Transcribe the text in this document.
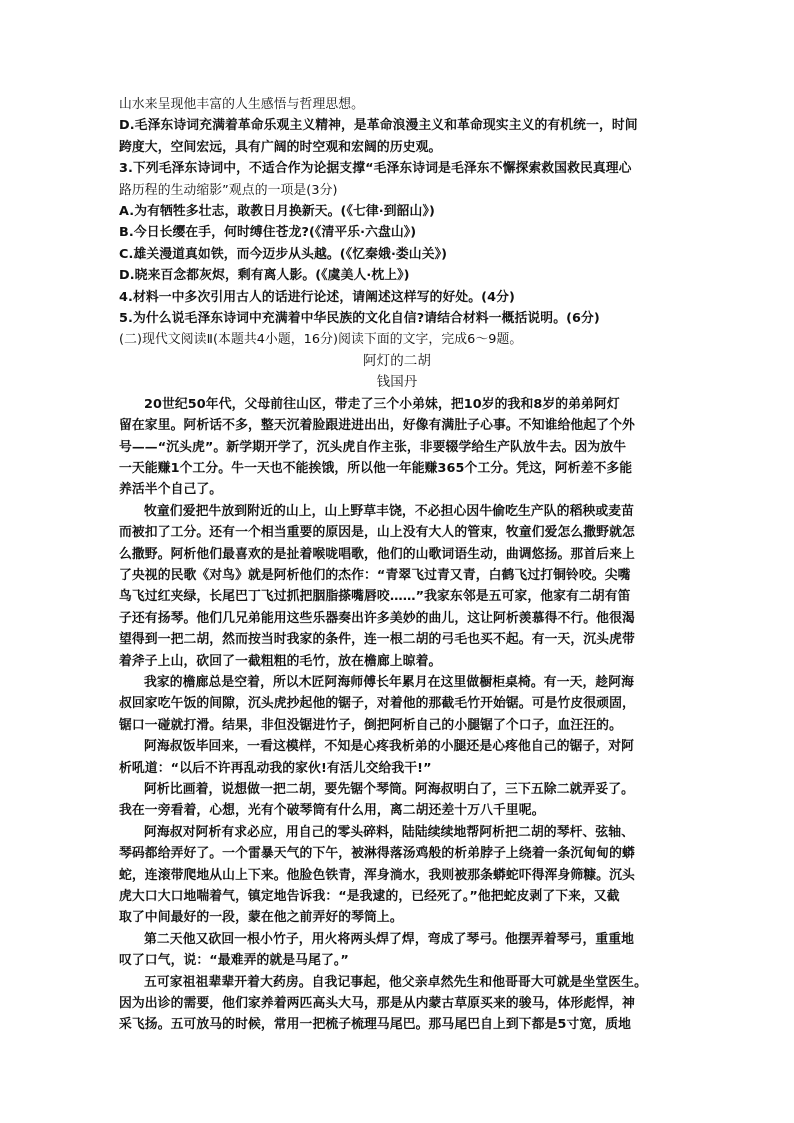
山水来呈现他丰富的人生感悟与哲理思想。
D.毛泽东诗词充满着革命乐观主义精神，是革命浪漫主义和革命现实主义的有机统一，时间
跨度大，空间宏远，具有广阔的时空观和宏阔的历史观。
3.下列毛泽东诗词中，不适合作为论据支撑“毛泽东诗词是毛泽东不懈探索救国救民真理心
路历程的生动缩影”观点的一项是(3分)
A.为有牺牲多壮志，敢教日月换新天。(《七律·到韶山》)
B.今日长缨在手，何时缚住苍龙?(《清平乐·六盘山》)
C.雄关漫道真如铁，而今迈步从头越。(《忆秦娥·娄山关》)
D.晓来百念都灰烬，剩有离人影。(《虞美人·枕上》)
4.材料一中多次引用古人的话进行论述，请阐述这样写的好处。(4分)
5.为什么说毛泽东诗词中充满着中华民族的文化自信?请结合材料一概括说明。(6分)
(二)现代文阅读Ⅱ(本题共4小题，16分)阅读下面的文字，完成6～9题。
阿灯的二胡
钱国丹
20世纪50年代，父母前往山区，带走了三个小弟妹，把10岁的我和8岁的弟弟阿灯
留在家里。阿析话不多，整天沉着脸跟进进出出，好像有满肚子心事。不知谁给他起了个外
号——“沉头虎”。新学期开学了，沉头虎自作主张，非要辍学给生产队放牛去。因为放牛
一天能赚1个工分。牛一天也不能挨饿，所以他一年能赚365个工分。凭这，阿析差不多能
养活半个自己了。
牧童们爱把牛放到附近的山上，山上野草丰饶，不必担心因牛偷吃生产队的稻秧或麦苗
而被扣了工分。还有一个相当重要的原因是，山上没有大人的管束，牧童们爱怎么撒野就怎
么撒野。阿析他们最喜欢的是扯着喉咙唱歌，他们的山歌词语生动，曲调悠扬。那首后来上
了央视的民歌《对鸟》就是阿析他们的杰作：“青翠飞过青又青，白鹤飞过打铜铃咬。尖嘴
鸟飞过红夹绿，长尾巴丁飞过抓把胭脂搽嘴唇咬……”我家东邻是五可家，他家有二胡有笛
子还有扬琴。他们几兄弟能用这些乐器奏出许多美妙的曲儿，这让阿析羡慕得不行。他很渴
望得到一把二胡，然而按当时我家的条件，连一根二胡的弓毛也买不起。有一天，沉头虎带
着斧子上山，砍回了一截粗粗的毛竹，放在檐廊上晾着。
我家的檐廊总是空着，所以木匠阿海师傅长年累月在这里做橱柜桌椅。有一天，趁阿海
叔回家吃午饭的间隙，沉头虎抄起他的锯子，对着他的那截毛竹开始锯。可是竹皮很顽固，
锯口一碰就打滑。结果，非但没锯进竹子，倒把阿析自己的小腿锯了个口子，血汪汪的。
阿海叔饭毕回来，一看这模样，不知是心疼我析弟的小腿还是心疼他自己的锯子，对阿
析吼道：“以后不许再乱动我的家伙!有活儿交给我干!”
阿析比画着，说想做一把二胡，要先锯个琴筒。阿海叔明白了，三下五除二就弄妥了。
我在一旁看着，心想，光有个破琴筒有什么用，离二胡还差十万八千里呢。
阿海叔对阿析有求必应，用自己的零头碎料，陆陆续续地帮阿析把二胡的琴杆、弦轴、
琴码都给弄好了。一个雷暴天气的下午，被淋得落汤鸡般的析弟脖子上绕着一条沉甸甸的蟒
蛇，连滚带爬地从山上下来。他脸色铁青，浑身淌水，我则被那条蟒蛇吓得浑身筛糠。沉头
虎大口大口地喘着气，镇定地告诉我：“是我逮的，已经死了。”他把蛇皮剥了下来，又截
取了中间最好的一段，蒙在他之前弄好的琴筒上。
第二天他又砍回一根小竹子，用火将两头焊了焊，弯成了琴弓。他摆弄着琴弓，重重地
叹了口气，说：“最难弄的就是马尾了。”
五可家祖祖辈辈开着大药房。自我记事起，他父亲卓然先生和他哥哥大可就是坐堂医生。
因为出诊的需要，他们家养着两匹高头大马，那是从内蒙古草原买来的骏马，体形彪悍，神
采飞扬。五可放马的时候，常用一把梳子梳理马尾巴。那马尾巴自上到下都是5寸宽，质地
